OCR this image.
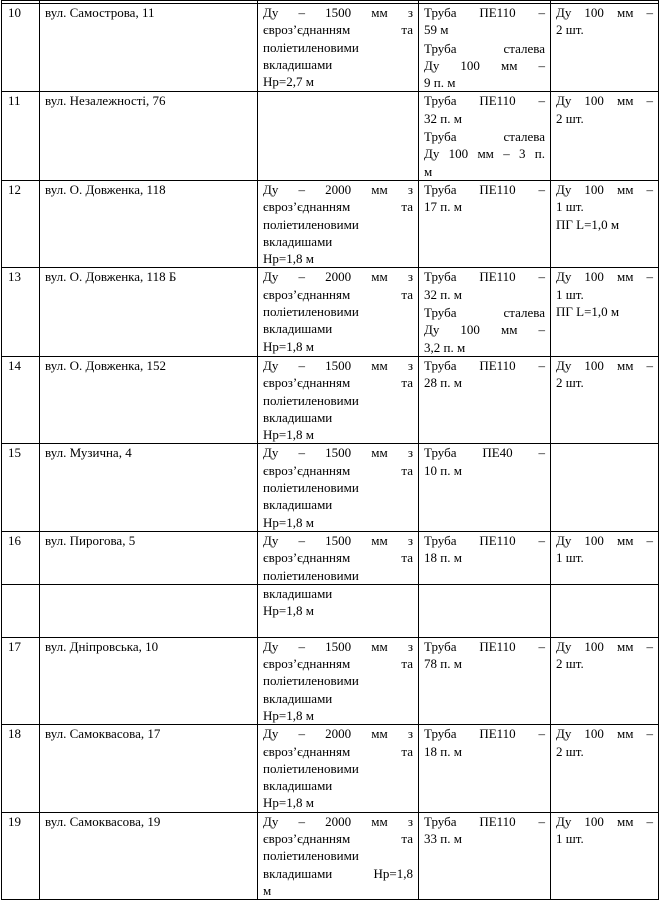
10	вул. Самострова, 11	Ду – 1500 мм з
євроз’єднанням та
поліетиленовими
вкладишами
Нр=2,7 м	Труба ПЕ110 –
59 м
Труба сталева
Ду 100 мм –
9 п. м	Ду 100 мм –
2 шт.

11	вул. Незалежності, 76		Труба ПЕ110 –
32 п. м
Труба сталева
Ду 100 мм – 3 п.
м	Ду 100 мм –
2 шт.

12	вул. О. Довженка, 118	Ду – 2000 мм з
євроз’єднанням та
поліетиленовими
вкладишами
Нр=1,8 м	Труба ПЕ110 –
17 п. м	Ду 100 мм –
1 шт.
ПГ L=1,0 м

13	вул. О. Довженка, 118 Б	Ду – 2000 мм з
євроз’єднанням та
поліетиленовими
вкладишами
Нр=1,8 м	Труба ПЕ110 –
32 п. м
Труба сталева
Ду 100 мм –
3,2 п. м	Ду 100 мм –
1 шт.
ПГ L=1,0 м

14	вул. О. Довженка, 152	Ду – 1500 мм з
євроз’єднанням та
поліетиленовими
вкладишами
Нр=1,8 м	Труба ПЕ110 –
28 п. м	Ду 100 мм –
2 шт.

15	вул. Музична, 4	Ду – 1500 мм з
євроз’єднанням та
поліетиленовими
вкладишами
Нр=1,8 м	Труба ПЕ40 –
10 п. м	

16	вул. Пирогова, 5	Ду – 1500 мм з
євроз’єднанням та
поліетиленовими	Труба ПЕ110 –
18 п. м	Ду 100 мм –
1 шт.

		вкладишами
Нр=1,8 м		

17	вул. Дніпровська, 10	Ду – 1500 мм з
євроз’єднанням та
поліетиленовими
вкладишами
Нр=1,8 м	Труба ПЕ110 –
78 п. м	Ду 100 мм –
2 шт.

18	вул. Самоквасова, 17	Ду – 2000 мм з
євроз’єднанням та
поліетиленовими
вкладишами
Нр=1,8 м	Труба ПЕ110 –
18 п. м	Ду 100 мм –
2 шт.

19	вул. Самоквасова, 19	Ду – 2000 мм з
євроз’єднанням та
поліетиленовими
вкладишами Нр=1,8
м	Труба ПЕ110 –
33 п. м	Ду 100 мм –
1 шт.
